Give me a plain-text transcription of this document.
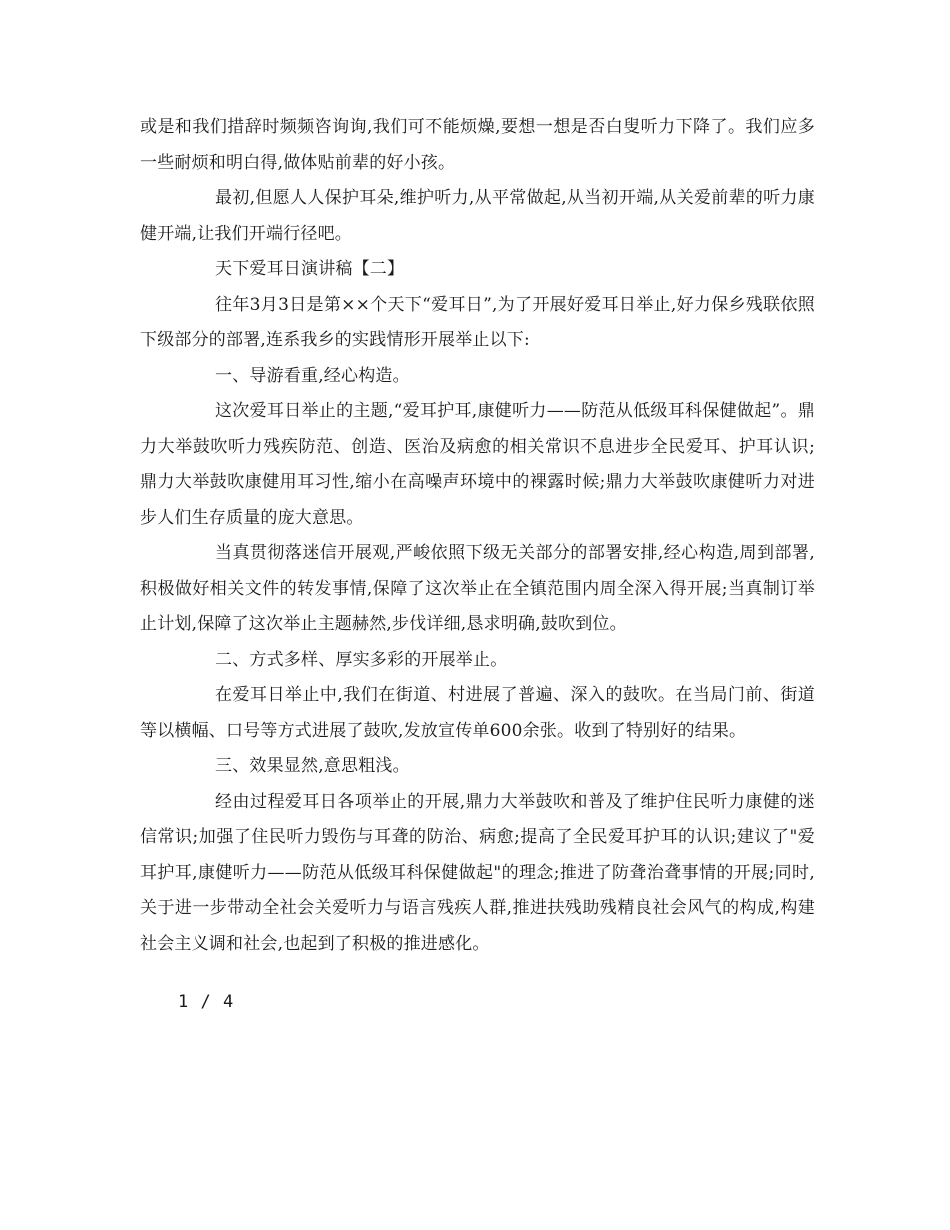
或是和我们措辞时频频咨询询,我们可不能烦燥,要想一想是否白叟听力下降了。我们应多一些耐烦和明白得,做体贴前辈的好小孩。

最初,但愿人人保护耳朵,维护听力,从平常做起,从当初开端,从关爱前辈的听力康健开端,让我们开端行径吧。

天下爱耳日演讲稿【二】

往年3月3日是第××个天下“爱耳日”,为了开展好爱耳日举止,好力保乡残联依照下级部分的部署,连系我乡的实践情形开展举止以下:

一、导游看重,经心构造。

这次爱耳日举止的主题,“爱耳护耳,康健听力——防范从低级耳科保健做起”。鼎力大举鼓吹听力残疾防范、创造、医治及病愈的相关常识不息进步全民爱耳、护耳认识;鼎力大举鼓吹康健用耳习性,缩小在高噪声环境中的裸露时候;鼎力大举鼓吹康健听力对进步人们生存质量的庞大意思。

当真贯彻落迷信开展观,严峻依照下级无关部分的部署安排,经心构造,周到部署,积极做好相关文件的转发事情,保障了这次举止在全镇范围内周全深入得开展;当真制订举止计划,保障了这次举止主题赫然,步伐详细,恳求明确,鼓吹到位。

二、方式多样、厚实多彩的开展举止。

在爱耳日举止中,我们在街道、村进展了普遍、深入的鼓吹。在当局门前、街道等以横幅、口号等方式进展了鼓吹,发放宣传单600余张。收到了特别好的结果。

三、效果显然,意思粗浅。

经由过程爱耳日各项举止的开展,鼎力大举鼓吹和普及了维护住民听力康健的迷信常识;加强了住民听力毁伤与耳聋的防治、病愈;提高了全民爱耳护耳的认识;建议了"爱耳护耳,康健听力——防范从低级耳科保健做起"的理念;推进了防聋治聋事情的开展;同时,关于进一步带动全社会关爱听力与语言残疾人群,推进扶残助残精良社会风气的构成,构建社会主义调和社会,也起到了积极的推进感化。

1 / 4
